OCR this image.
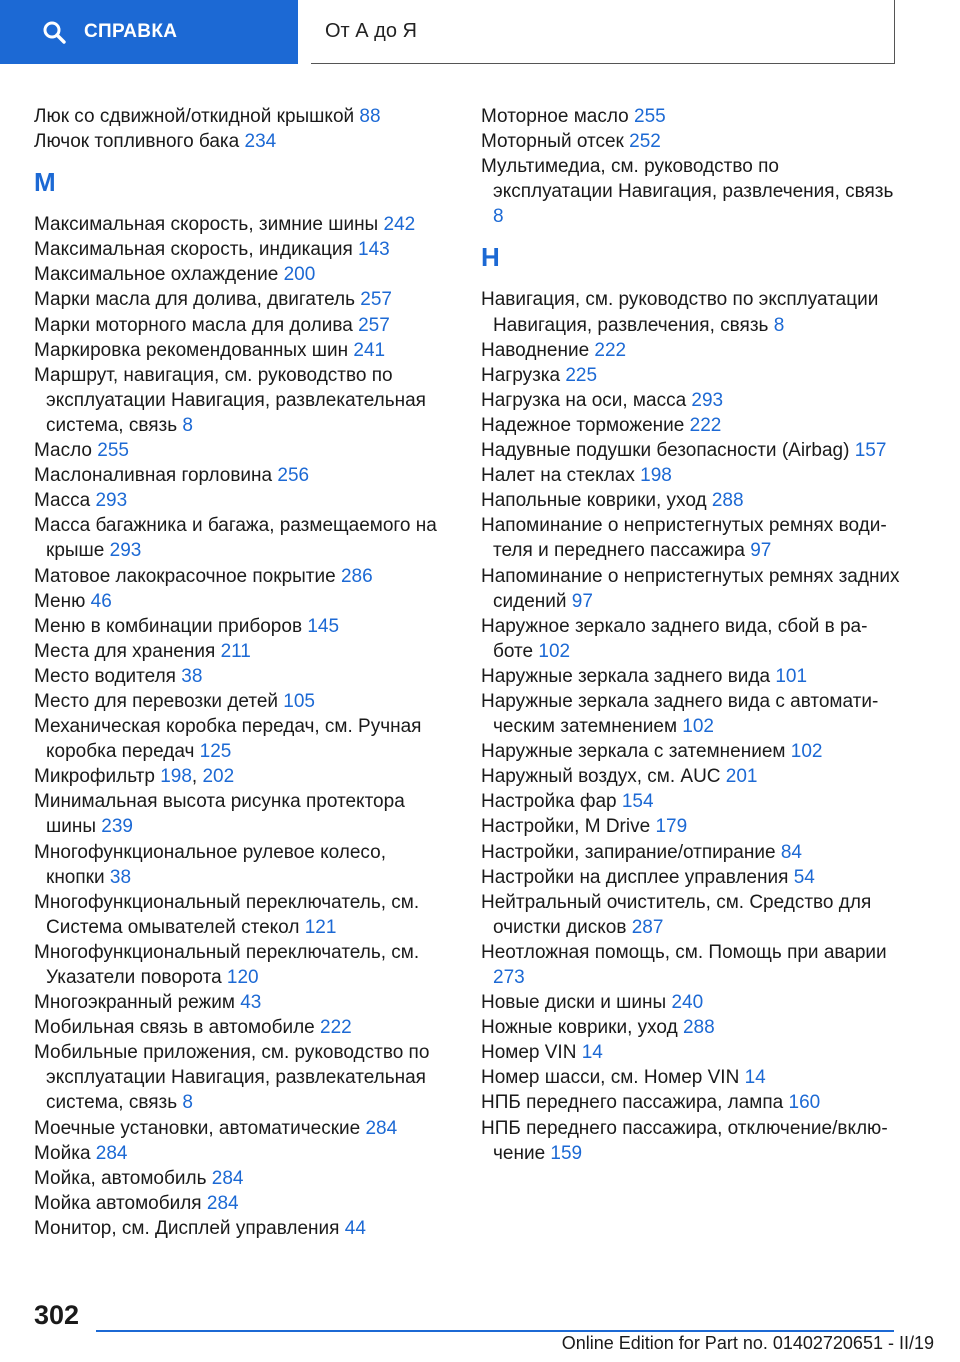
СПРАВКА	От А до Я
Люк со сдвижной/откидной крышкой 88
Лючок топливного бака 234
М
Максимальная скорость, зимние шины 242
Максимальная скорость, индикация 143
Максимальное охлаждение 200
Марки масла для долива, двигатель 257
Марки моторного масла для долива 257
Маркировка рекомендованных шин 241
Маршрут, навигация, см. руководство по эксплуатации Навигация, развлекательная система, связь 8
Масло 255
Маслоналивная горловина 256
Масса 293
Масса багажника и багажа, размещаемого на крыше 293
Матовое лакокрасочное покрытие 286
Меню 46
Меню в комбинации приборов 145
Места для хранения 211
Место водителя 38
Место для перевозки детей 105
Механическая коробка передач, см. Ручная коробка передач 125
Микрофильтр 198, 202
Минимальная высота рисунка протектора шины 239
Многофункциональное рулевое колесо, кнопки 38
Многофункциональный переключатель, см. Система омывателей стекол 121
Многофункциональный переключатель, см. Указатели поворота 120
Многоэкранный режим 43
Мобильная связь в автомобиле 222
Мобильные приложения, см. руководство по эксплуатации Навигация, развлекательная система, связь 8
Моечные установки, автоматические 284
Мойка 284
Мойка, автомобиль 284
Мойка автомобиля 284
Монитор, см. Дисплей управления 44
Моторное масло 255
Моторный отсек 252
Мультимедиа, см. руководство по эксплуатации Навигация, развлечения, связь 8
Н
Навигация, см. руководство по эксплуатации Навигация, развлечения, связь 8
Наводнение 222
Нагрузка 225
Нагрузка на оси, масса 293
Надежное торможение 222
Надувные подушки безопасности (Airbag) 157
Налет на стеклах 198
Напольные коврики, уход 288
Напоминание о непристегнутых ремнях водителя и переднего пассажира 97
Напоминание о непристегнутых ремнях задних сидений 97
Наружное зеркало заднего вида, сбой в работе 102
Наружные зеркала заднего вида 101
Наружные зеркала заднего вида с автоматическим затемнением 102
Наружные зеркала с затемнением 102
Наружный воздух, см. AUC 201
Настройка фар 154
Настройки, M Drive 179
Настройки, запирание/отпирание 84
Настройки на дисплее управления 54
Нейтральный очиститель, см. Средство для очистки дисков 287
Неотложная помощь, см. Помощь при аварии 273
Новые диски и шины 240
Ножные коврики, уход 288
Номер VIN 14
Номер шасси, см. Номер VIN 14
НПБ переднего пассажира, лампа 160
НПБ переднего пассажира, отключение/включение 159
302
Online Edition for Part no. 01402720651 - II/19
